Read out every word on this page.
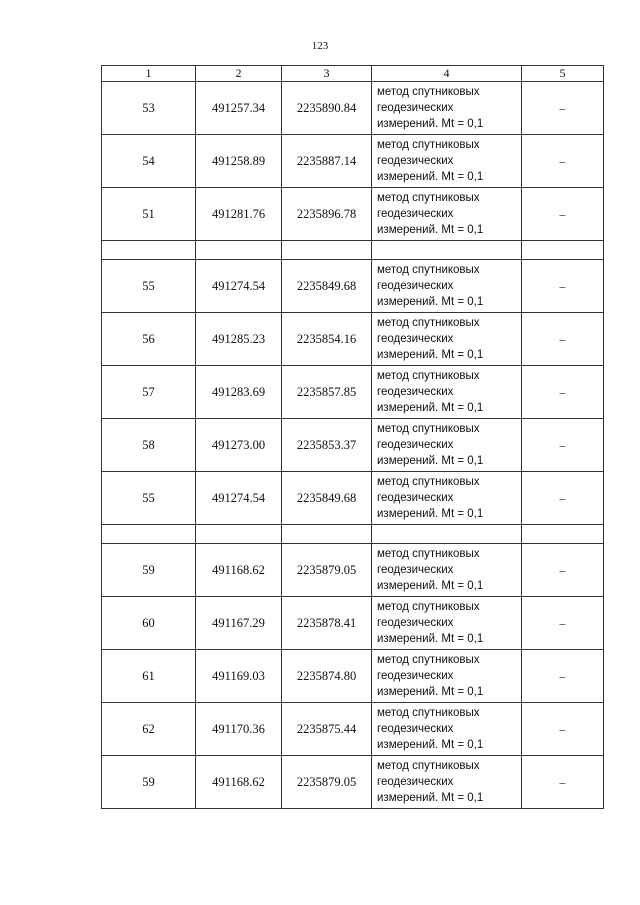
123
1	2	3	4	5
53	491257.34	2235890.84	метод спутниковых
геодезических
измерений. Mt = 0,1	–
54	491258.89	2235887.14	метод спутниковых
геодезических
измерений. Mt = 0,1	–
51	491281.76	2235896.78	метод спутниковых
геодезических
измерений. Mt = 0,1	–

55	491274.54	2235849.68	метод спутниковых
геодезических
измерений. Mt = 0,1	–
56	491285.23	2235854.16	метод спутниковых
геодезических
измерений. Mt = 0,1	–
57	491283.69	2235857.85	метод спутниковых
геодезических
измерений. Mt = 0,1	–
58	491273.00	2235853.37	метод спутниковых
геодезических
измерений. Mt = 0,1	–
55	491274.54	2235849.68	метод спутниковых
геодезических
измерений. Mt = 0,1	–

59	491168.62	2235879.05	метод спутниковых
геодезических
измерений. Mt = 0,1	–
60	491167.29	2235878.41	метод спутниковых
геодезических
измерений. Mt = 0,1	–
61	491169.03	2235874.80	метод спутниковых
геодезических
измерений. Mt = 0,1	–
62	491170.36	2235875.44	метод спутниковых
геодезических
измерений. Mt = 0,1	–
59	491168.62	2235879.05	метод спутниковых
геодезических
измерений. Mt = 0,1	–
